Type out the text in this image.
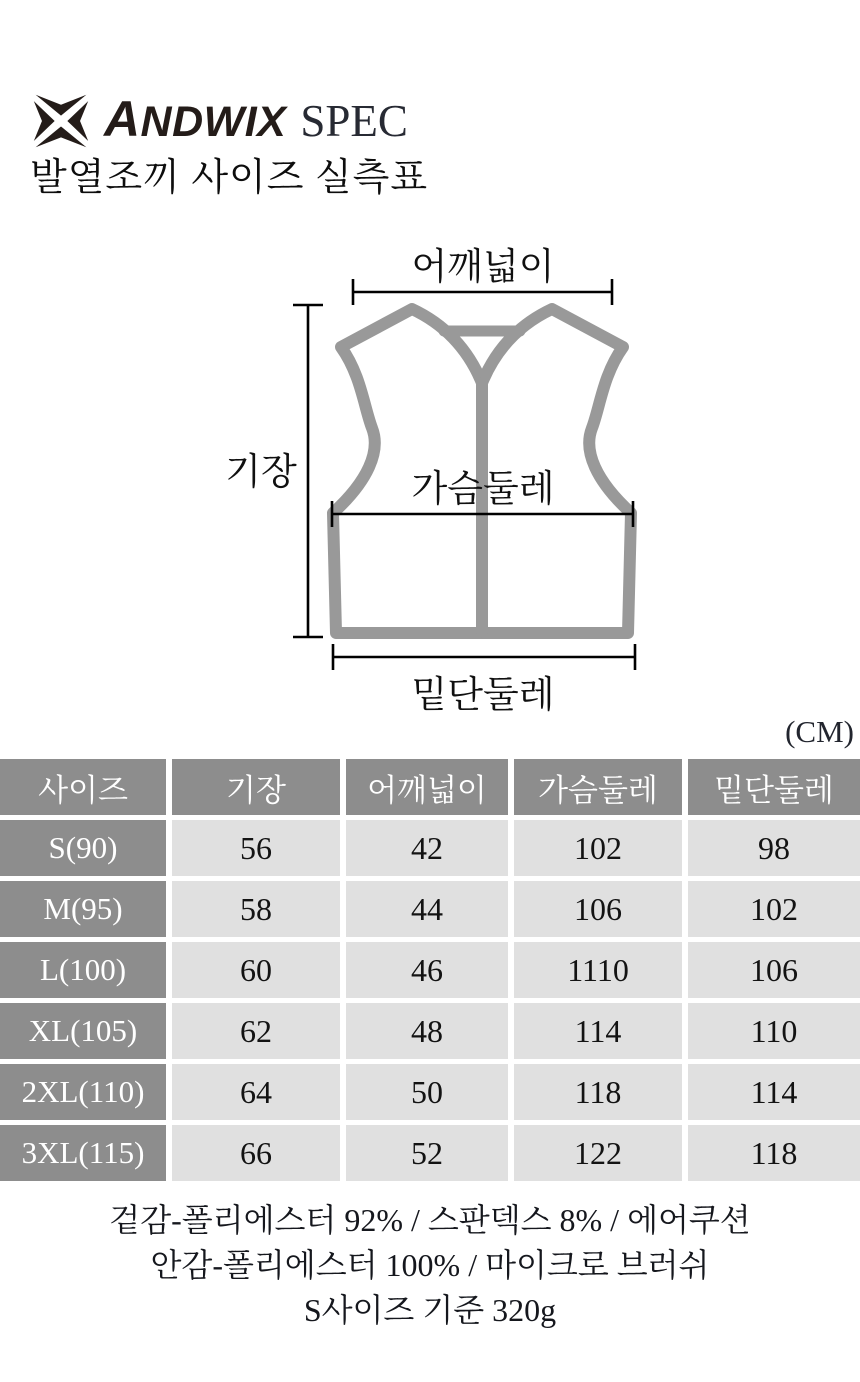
ANDWIX SPEC
발열조끼 사이즈 실측표
어깨넓이
기장	가슴둘레
밑단둘레
(CM)
사이즈	기장	어깨넓이	가슴둘레	밑단둘레
S(90)	56	42	102	98
M(95)	58	44	106	102
L(100)	60	46	1110	106
XL(105)	62	48	114	110
2XL(110)	64	50	118	114
3XL(115)	66	52	122	118
겉감-폴리에스터 92% / 스판덱스 8% / 에어쿠션
안감-폴리에스터 100% / 마이크로 브러쉬
S사이즈 기준 320g
